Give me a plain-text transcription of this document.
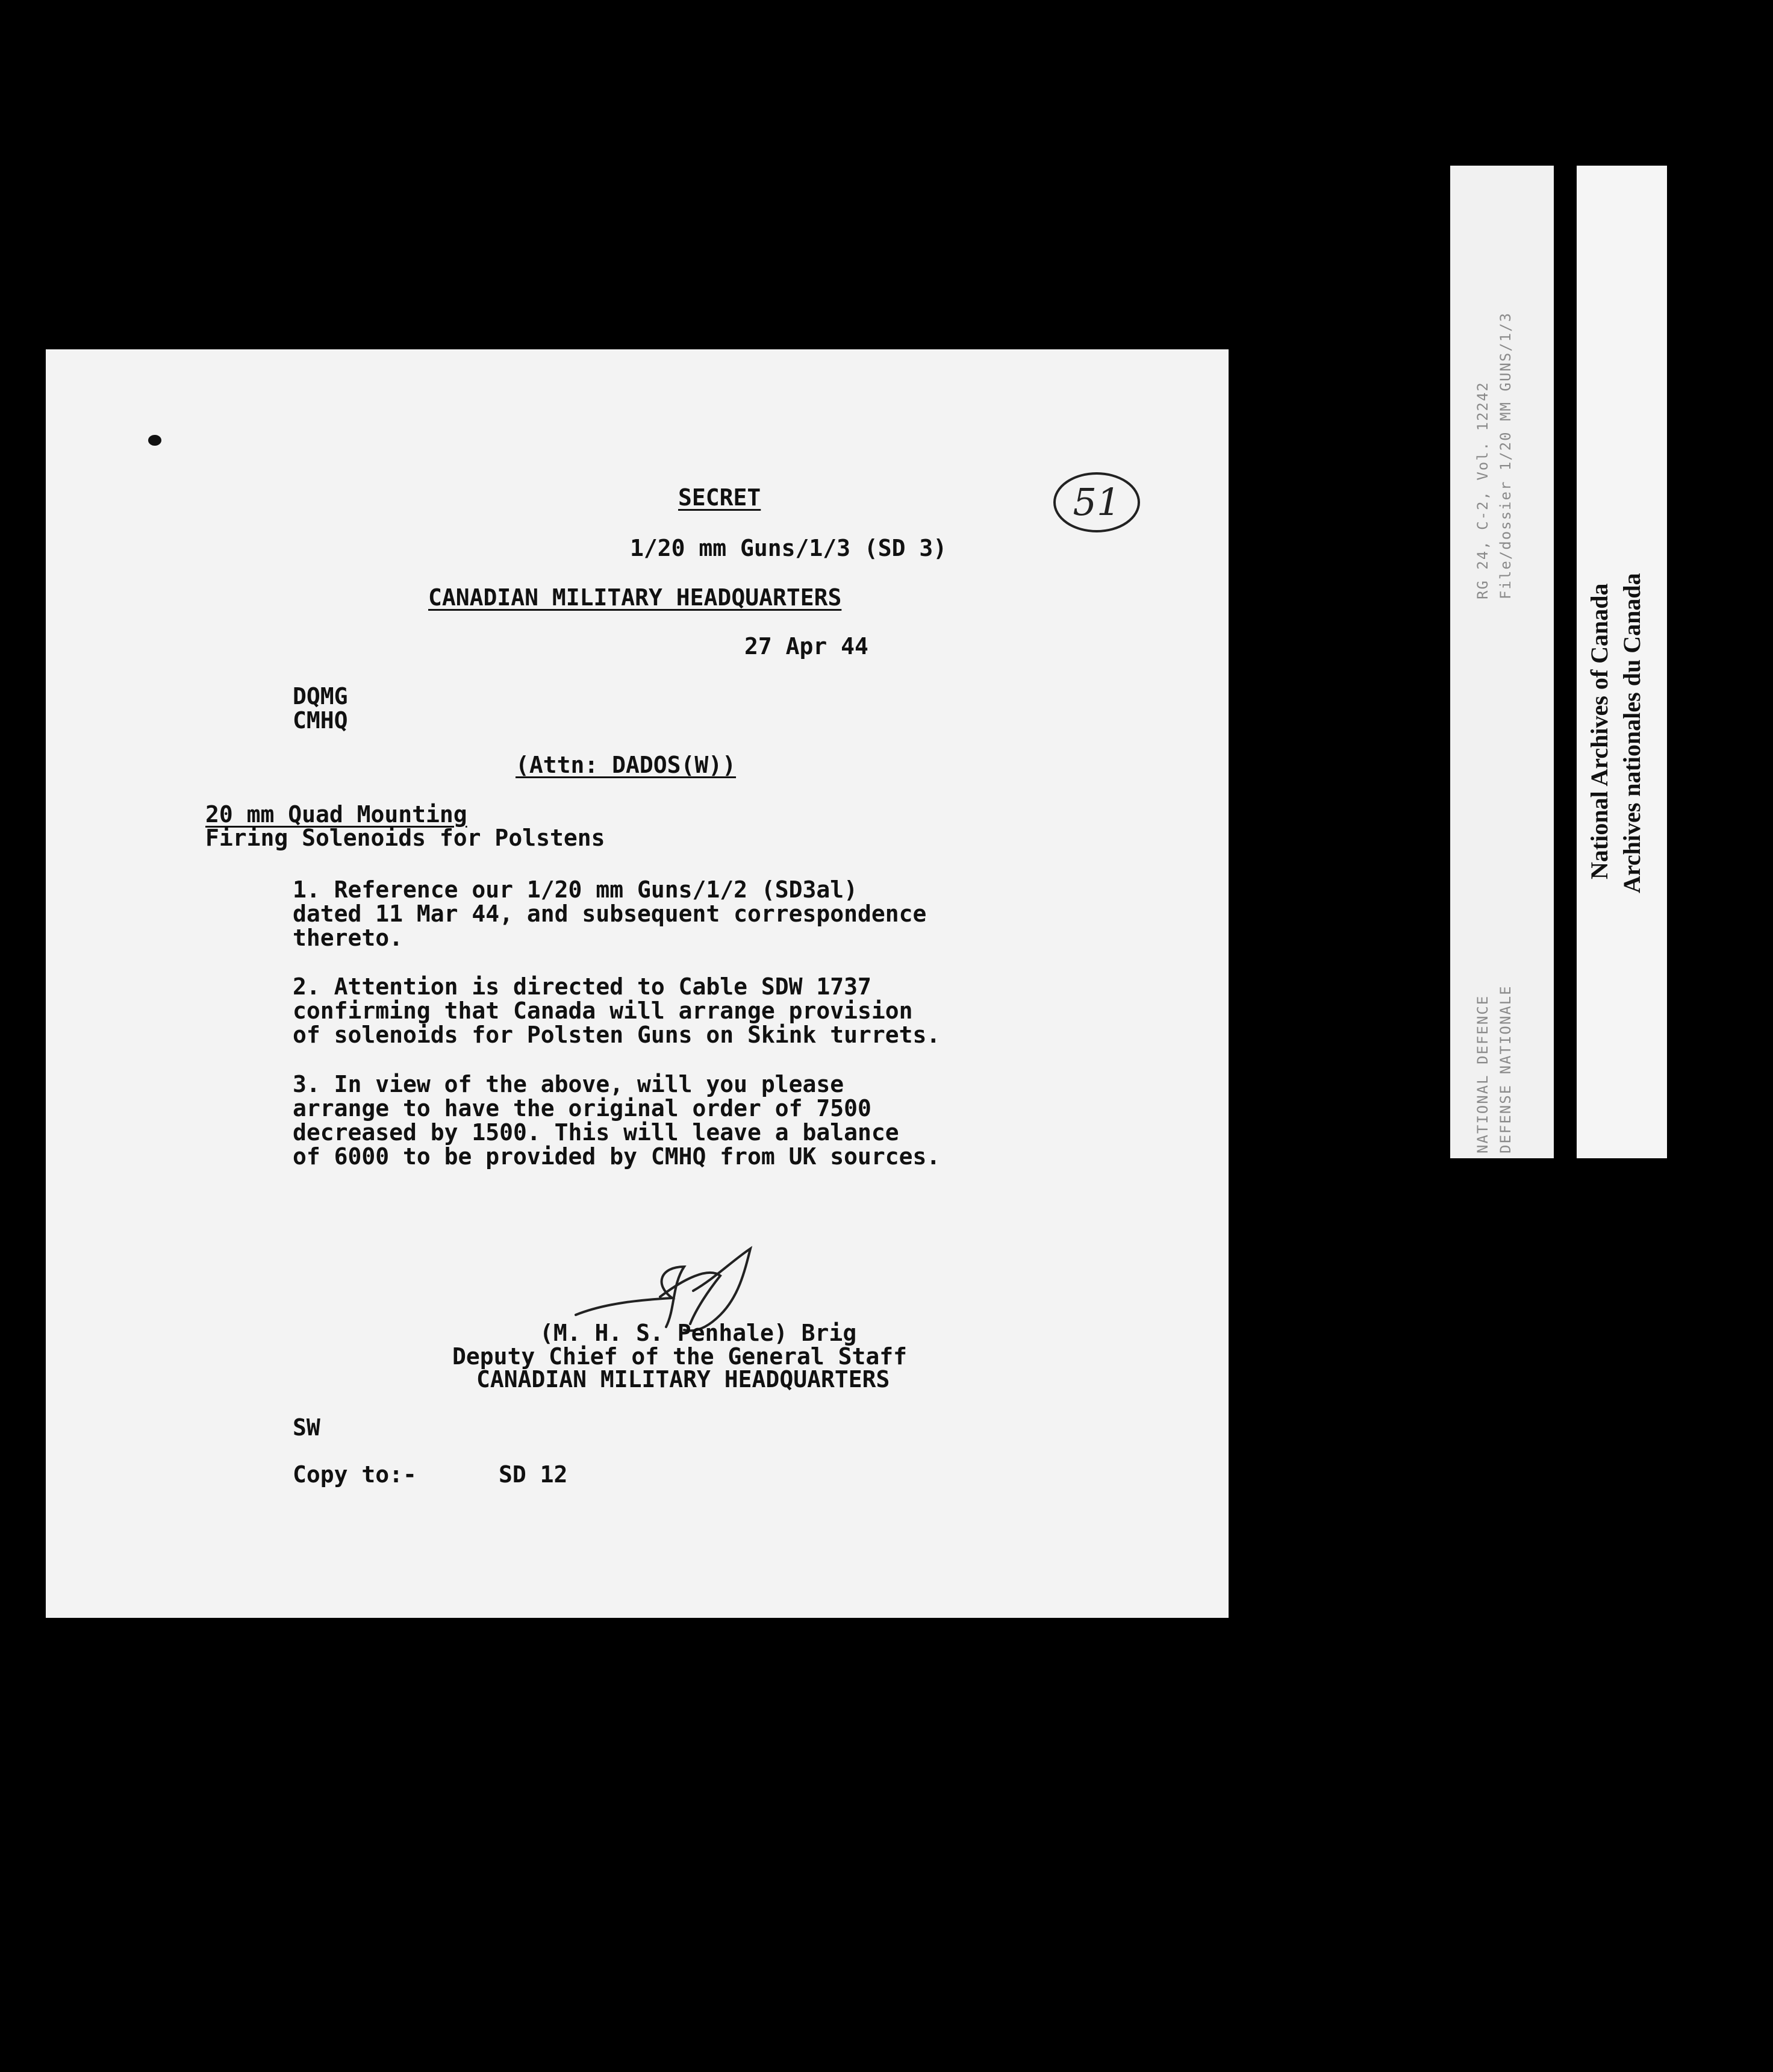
SECRET	51
1/20 mm Guns/1/3 (SD 3)
CANADIAN MILITARY HEADQUARTERS
27 Apr 44
DQMG
CMHQ
(Attn: DADOS(W))
20 mm Quad Mounting
Firing Solenoids for Polstens
1. Reference our 1/20 mm Guns/1/2 (SD3al)
dated 11 Mar 44, and subsequent correspondence
thereto.
2. Attention is directed to Cable SDW 1737
confirming that Canada will arrange provision
of solenoids for Polsten Guns on Skink turrets.
3. In view of the above, will you please
arrange to have the original order of 7500
decreased by 1500. This will leave a balance
of 6000 to be provided by CMHQ from UK sources.
(M. H. S. Penhale) Brig
Deputy Chief of the General Staff
CANADIAN MILITARY HEADQUARTERS
SW
Copy to:-	SD 12
RG 24, C-2, Vol. 12242 File/dossier 1/20 MM GUNS/1/3
NATIONAL DEFENCE DEFENSE NATIONALE
National Archives of Canada Archives nationales du Canada
